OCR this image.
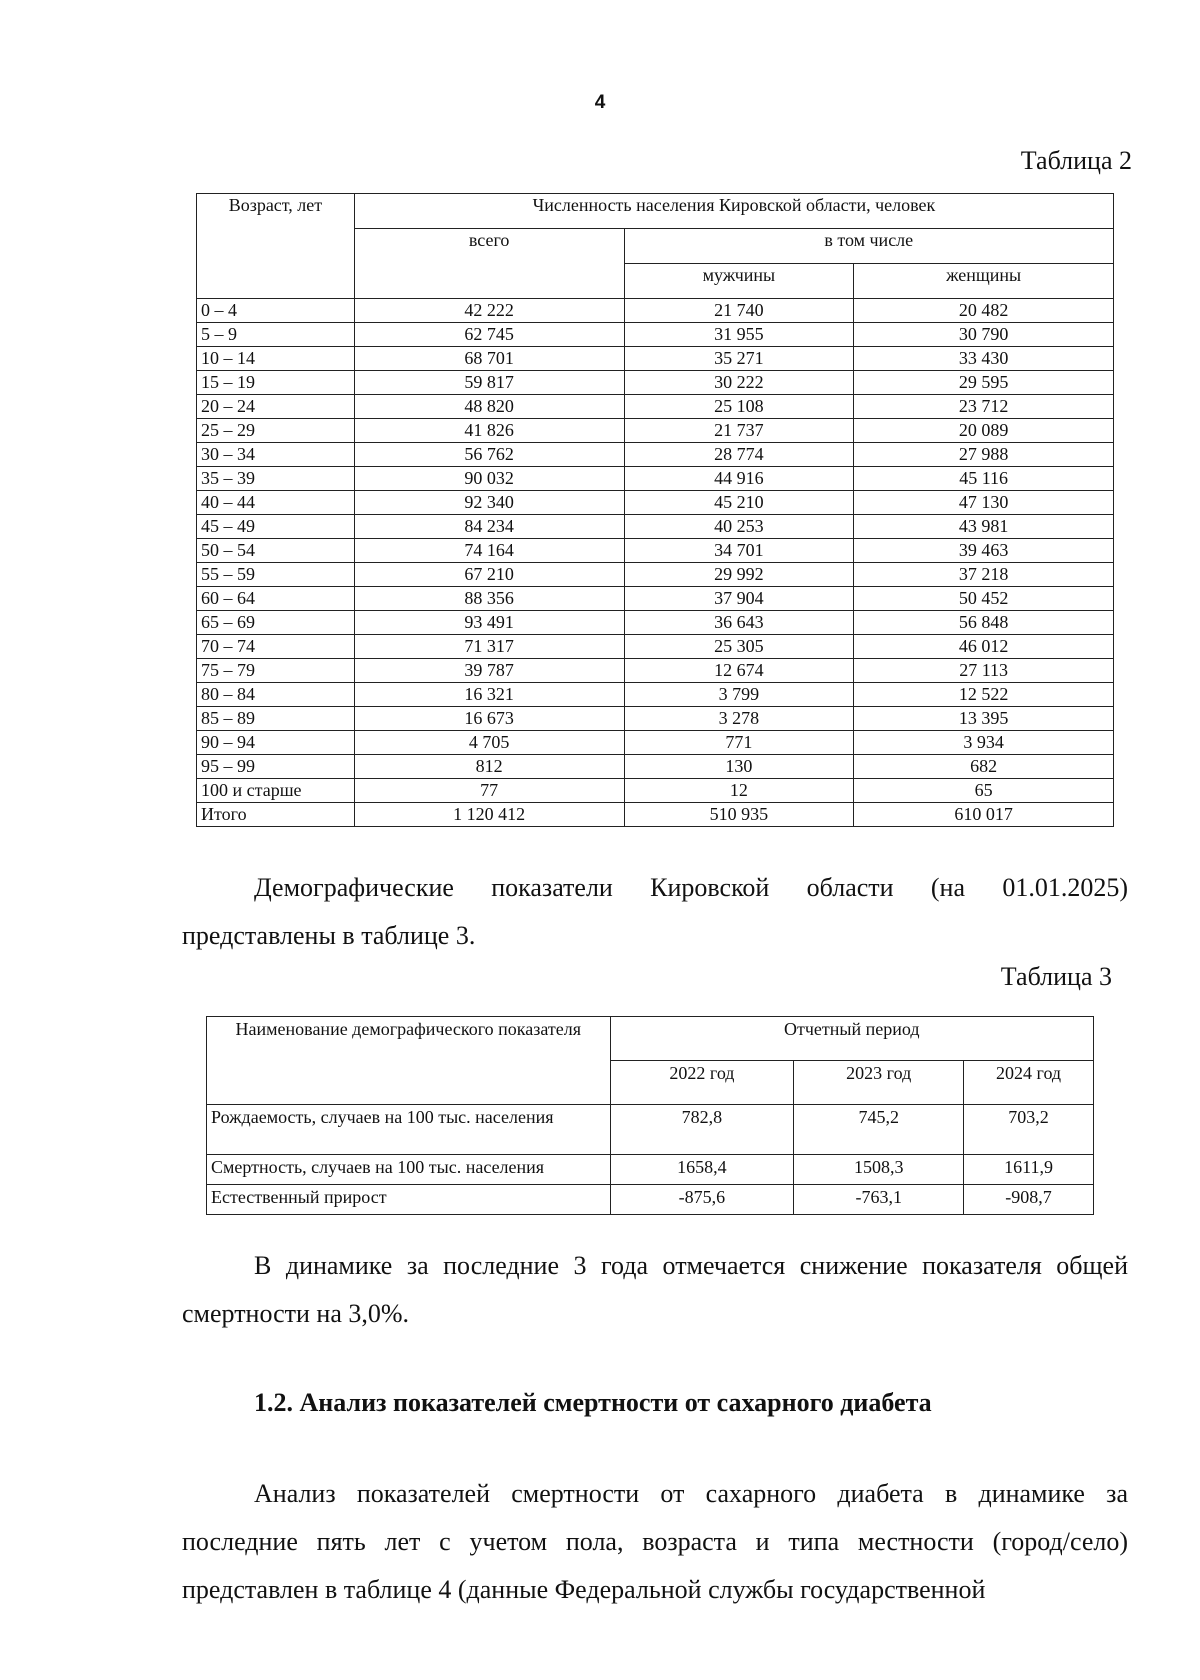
4
Таблица 2
Возраст, лет	Численность населения Кировской области, человек		
	всего	в том числе	
		мужчины	женщины
0 – 4	42 222	21 740	20 482
5 – 9	62 745	31 955	30 790
10 – 14	68 701	35 271	33 430
15 – 19	59 817	30 222	29 595
20 – 24	48 820	25 108	23 712
25 – 29	41 826	21 737	20 089
30 – 34	56 762	28 774	27 988
35 – 39	90 032	44 916	45 116
40 – 44	92 340	45 210	47 130
45 – 49	84 234	40 253	43 981
50 – 54	74 164	34 701	39 463
55 – 59	67 210	29 992	37 218
60 – 64	88 356	37 904	50 452
65 – 69	93 491	36 643	56 848
70 – 74	71 317	25 305	46 012
75 – 79	39 787	12 674	27 113
80 – 84	16 321	3 799	12 522
85 – 89	16 673	3 278	13 395
90 – 94	4 705	771	3 934
95 – 99	812	130	682
100 и старше	77	12	65
Итого	1 120 412	510 935	610 017
Демографические показатели Кировской области (на 01.01.2025) представлены в таблице 3.
Таблица 3
Наименование демографического показателя	Отчетный период		
	2022 год	2023 год	2024 год
Рождаемость, случаев на 100 тыс. населения	782,8	745,2	703,2
Смертность, случаев на 100 тыс. населения	1658,4	1508,3	1611,9
Естественный прирост	-875,6	-763,1	-908,7
В динамике за последние 3 года отмечается снижение показателя общей смертности на 3,0%.
1.2. Анализ показателей смертности от сахарного диабета
Анализ показателей смертности от сахарного диабета в динамике за последние пять лет с учетом пола, возраста и типа местности (город/село) представлен в таблице 4 (данные Федеральной службы государственной
